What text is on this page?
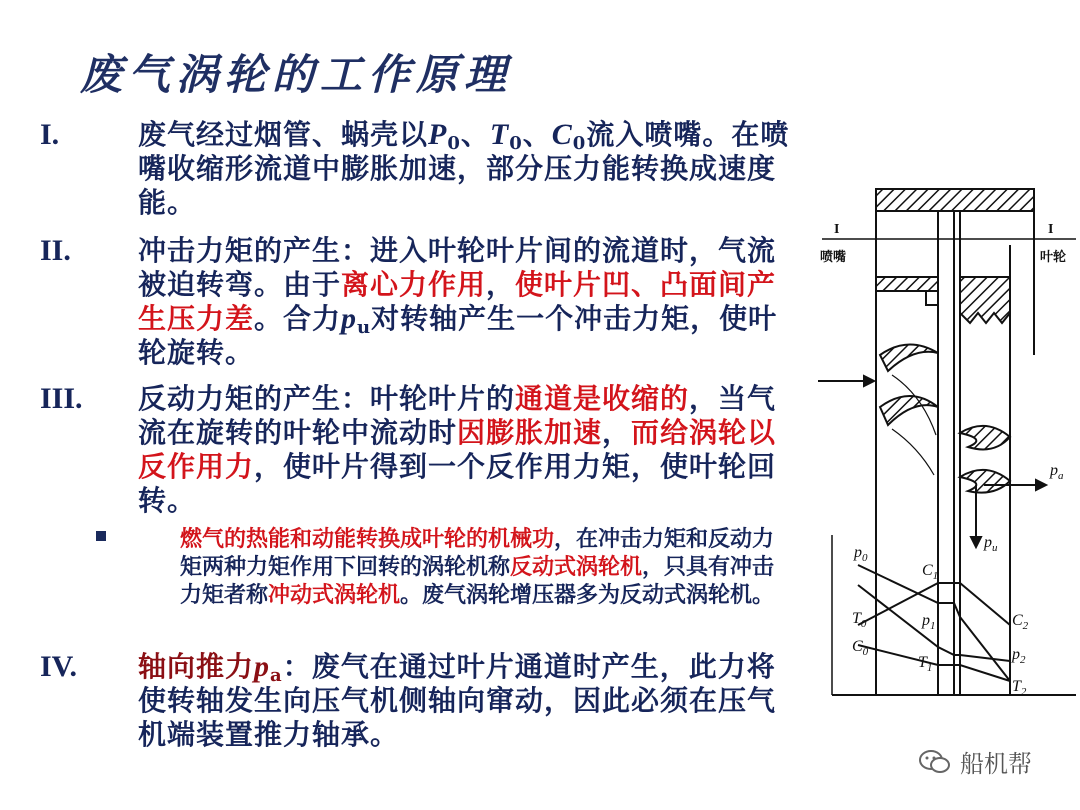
废气涡轮的工作原理
I.	废气经过烟管、蜗壳以$P_0$、$T_0$、$C_0$流入喷嘴。在喷嘴收缩形流道中膨胀加速，部分压力能转换成速度能。
II.	冲击力矩的产生：进入叶轮叶片间的流道时，气流被迫转弯。由于离心力作用，使叶片凹、凸面间产生压力差。合力$p_u$对转轴产生一个冲击力矩，使叶轮旋转。
III.	反动力矩的产生：叶轮叶片的通道是收缩的，当气流在旋转的叶轮中流动时因膨胀加速，而给涡轮以反作用力，使叶片得到一个反作用力矩，使叶轮回转。
燃气的热能和动能转换成叶轮的机械功，在冲击力矩和反动力矩两种力矩作用下回转的涡轮机称反动式涡轮机，只具有冲击力矩者称冲动式涡轮机。废气涡轮增压器多为反动式涡轮机。
IV.	轴向推力$p_a$：废气在通过叶片通道时产生，此力将使转轴发生向压气机侧轴向窜动，因此必须在压气机端装置推力轴承。
I
喷嘴
I
叶轮
$p_a$
$p_u$
$p_0$
$T_0$
$C_0$
$C_1$
$p_1$
$T_1$
$C_2$
$p_2$
$T_2$
船机帮
